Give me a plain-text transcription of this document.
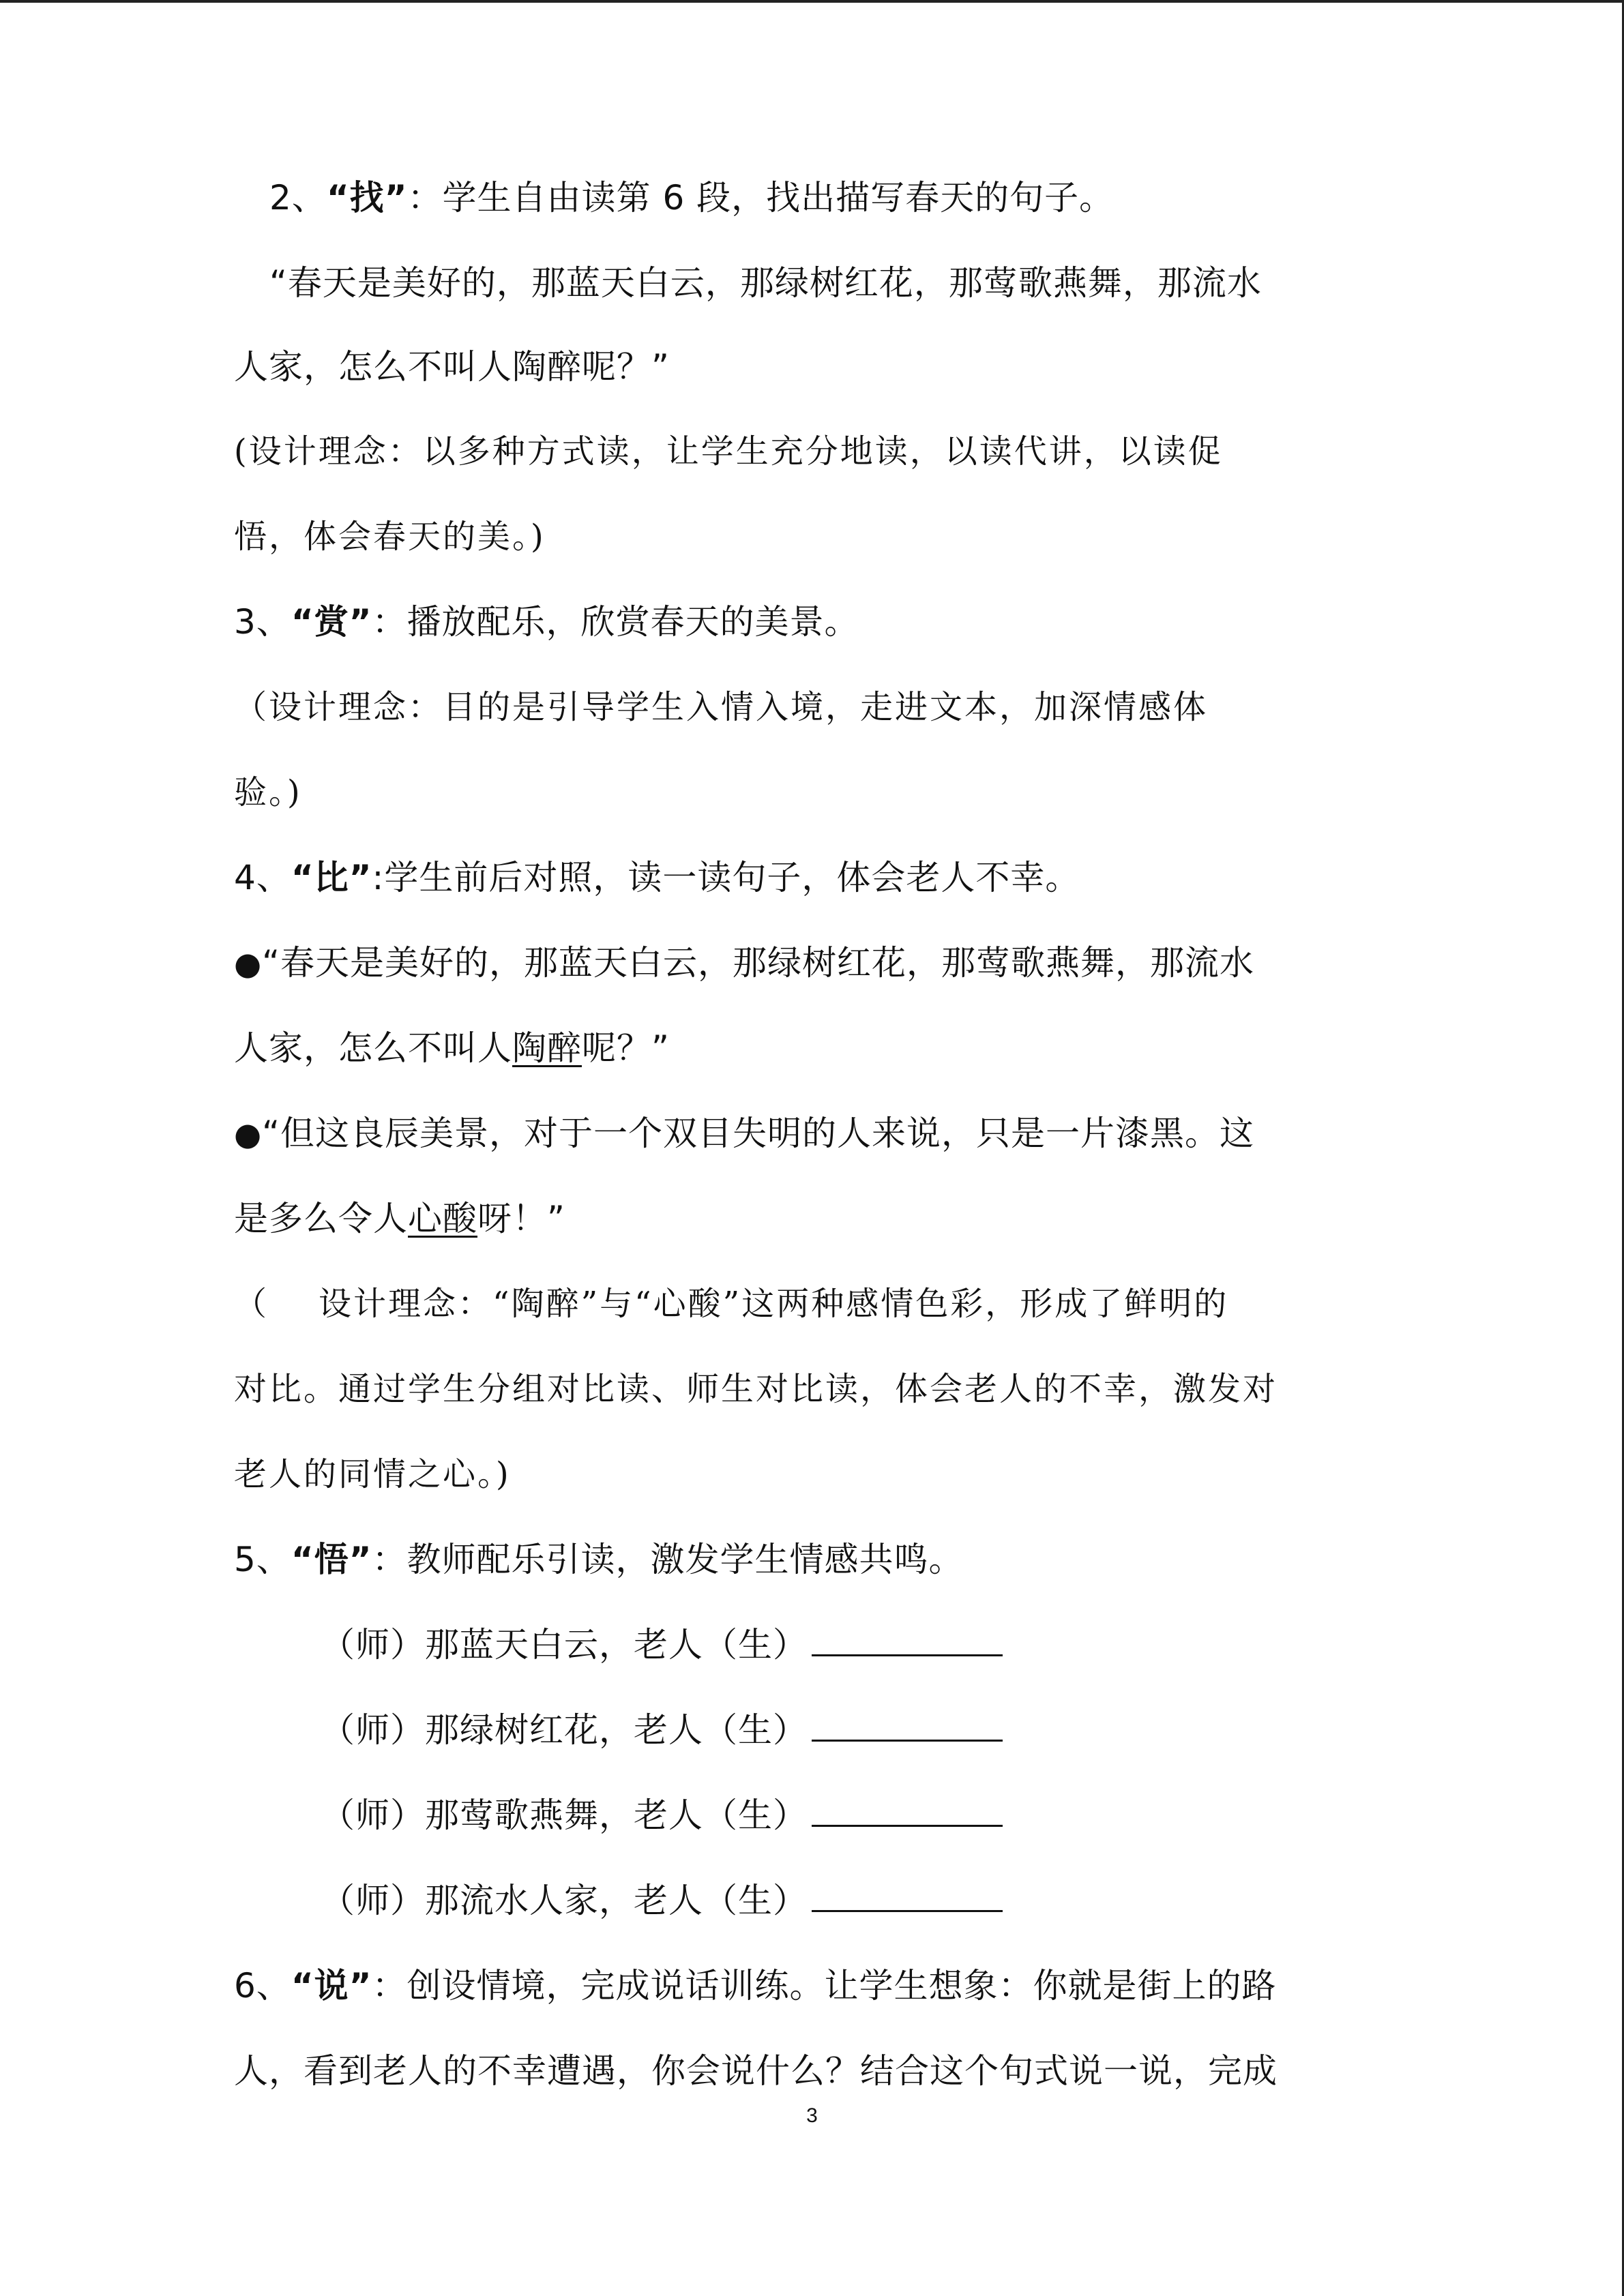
2、“找”：学生自由读第 6 段，找出描写春天的句子。
“春天是美好的，那蓝天白云，那绿树红花，那莺歌燕舞，那流水
人家，怎么不叫人陶醉呢？”
(设计理念：以多种方式读，让学生充分地读，以读代讲，以读促
悟，体会春天的美。)
3、“赏”：播放配乐，欣赏春天的美景。
（设计理念：目的是引导学生入情入境，走进文本，加深情感体
验。)
4、“比”:学生前后对照，读一读句子，体会老人不幸。
●“春天是美好的，那蓝天白云，那绿树红花，那莺歌燕舞，那流水
人家，怎么不叫人陶醉呢？”
●“但这良辰美景，对于一个双目失明的人来说，只是一片漆黑。这
是多么令人心酸呀！”
（    设计理念：“陶醉”与“心酸”这两种感情色彩，形成了鲜明的
对比。通过学生分组对比读、师生对比读，体会老人的不幸，激发对
老人的同情之心。)
5、“悟”：教师配乐引读，激发学生情感共鸣。
（师）那蓝天白云，老人（生）
（师）那绿树红花，老人（生）
（师）那莺歌燕舞，老人（生）
（师）那流水人家，老人（生）
6、“说”：创设情境，完成说话训练。让学生想象：你就是街上的路
人，看到老人的不幸遭遇，你会说什么？结合这个句式说一说，完成
3
